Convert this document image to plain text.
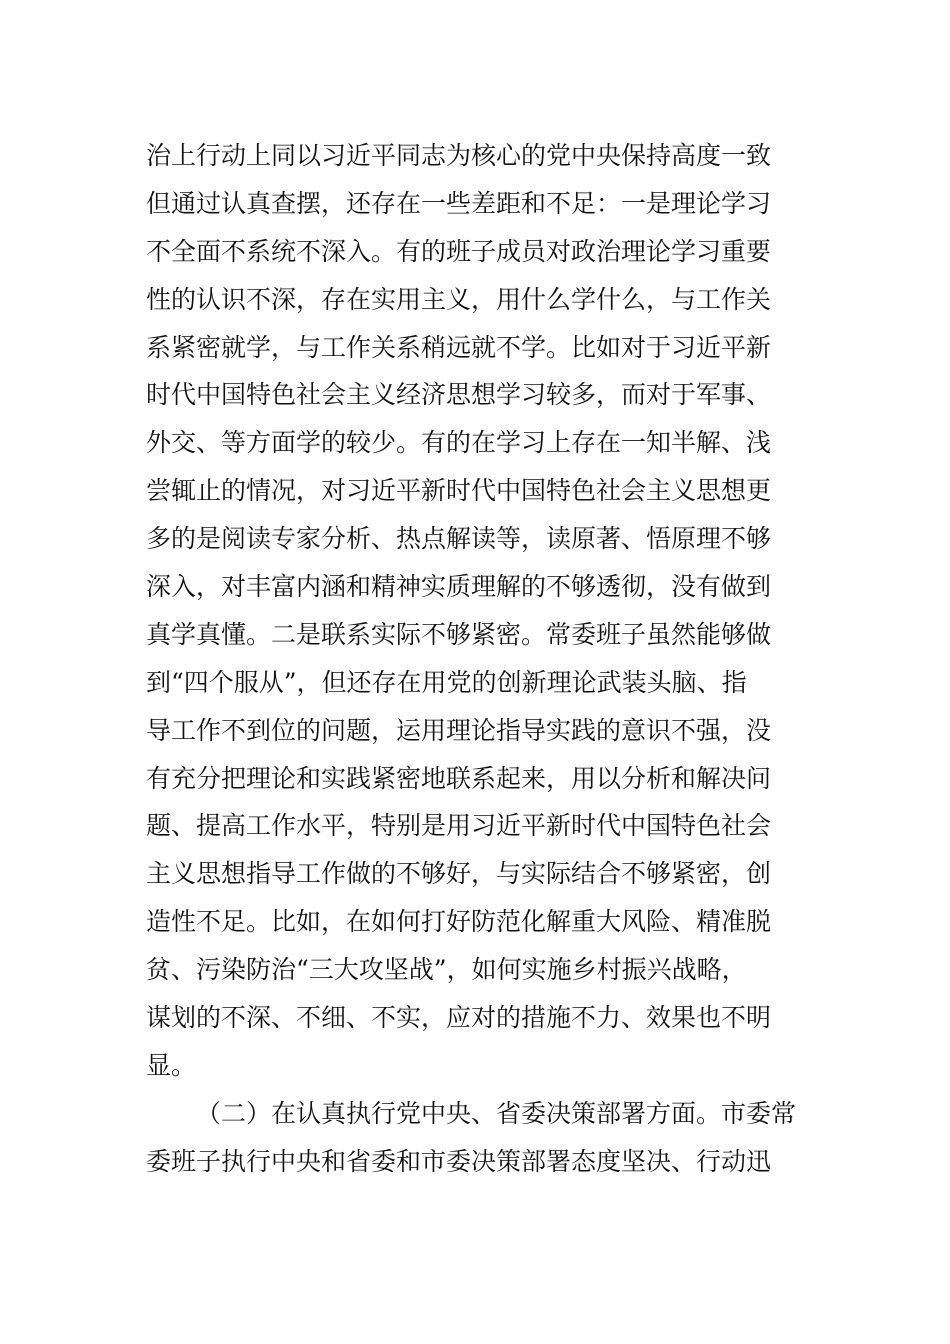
治上行动上同以习近平同志为核心的党中央保持高度一致
但通过认真查摆，还存在一些差距和不足：一是理论学习
不全面不系统不深入。有的班子成员对政治理论学习重要
性的认识不深，存在实用主义，用什么学什么，与工作关
系紧密就学，与工作关系稍远就不学。比如对于习近平新
时代中国特色社会主义经济思想学习较多，而对于军事、
外交、等方面学的较少。有的在学习上存在一知半解、浅
尝辄止的情况，对习近平新时代中国特色社会主义思想更
多的是阅读专家分析、热点解读等，读原著、悟原理不够
深入，对丰富内涵和精神实质理解的不够透彻，没有做到
真学真懂。二是联系实际不够紧密。常委班子虽然能够做
到“四个服从”，但还存在用党的创新理论武装头脑、指
导工作不到位的问题，运用理论指导实践的意识不强，没
有充分把理论和实践紧密地联系起来，用以分析和解决问
题、提高工作水平，特别是用习近平新时代中国特色社会
主义思想指导工作做的不够好，与实际结合不够紧密，创
造性不足。比如，在如何打好防范化解重大风险、精准脱
贫、污染防治“三大攻坚战”，如何实施乡村振兴战略，
谋划的不深、不细、不实，应对的措施不力、效果也不明
显。
（二）在认真执行党中央、省委决策部署方面。市委常
委班子执行中央和省委和市委决策部署态度坚决、行动迅
